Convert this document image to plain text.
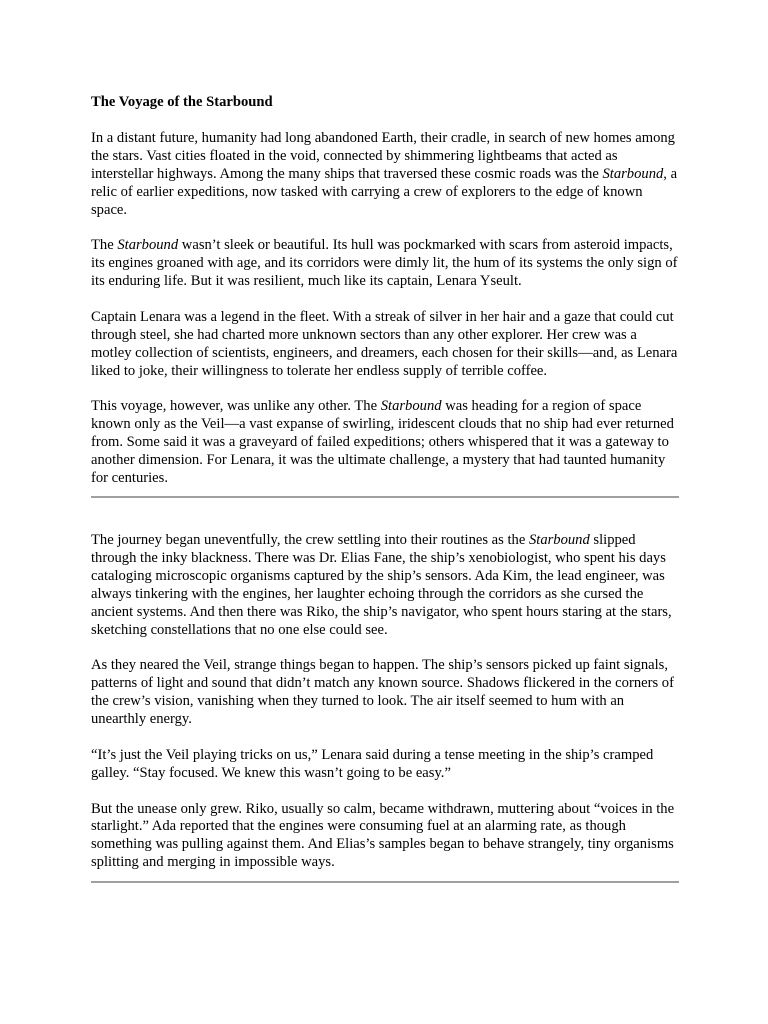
The Voyage of the Starbound

In a distant future, humanity had long abandoned Earth, their cradle, in search of new homes among the stars. Vast cities floated in the void, connected by shimmering lightbeams that acted as interstellar highways. Among the many ships that traversed these cosmic roads was the Starbound, a relic of earlier expeditions, now tasked with carrying a crew of explorers to the edge of known space.

The Starbound wasn’t sleek or beautiful. Its hull was pockmarked with scars from asteroid impacts, its engines groaned with age, and its corridors were dimly lit, the hum of its systems the only sign of its enduring life. But it was resilient, much like its captain, Lenara Yseult.

Captain Lenara was a legend in the fleet. With a streak of silver in her hair and a gaze that could cut through steel, she had charted more unknown sectors than any other explorer. Her crew was a motley collection of scientists, engineers, and dreamers, each chosen for their skills—and, as Lenara liked to joke, their willingness to tolerate her endless supply of terrible coffee.

This voyage, however, was unlike any other. The Starbound was heading for a region of space known only as the Veil—a vast expanse of swirling, iridescent clouds that no ship had ever returned from. Some said it was a graveyard of failed expeditions; others whispered that it was a gateway to another dimension. For Lenara, it was the ultimate challenge, a mystery that had taunted humanity for centuries.

The journey began uneventfully, the crew settling into their routines as the Starbound slipped through the inky blackness. There was Dr. Elias Fane, the ship’s xenobiologist, who spent his days cataloging microscopic organisms captured by the ship’s sensors. Ada Kim, the lead engineer, was always tinkering with the engines, her laughter echoing through the corridors as she cursed the ancient systems. And then there was Riko, the ship’s navigator, who spent hours staring at the stars, sketching constellations that no one else could see.

As they neared the Veil, strange things began to happen. The ship’s sensors picked up faint signals, patterns of light and sound that didn’t match any known source. Shadows flickered in the corners of the crew’s vision, vanishing when they turned to look. The air itself seemed to hum with an unearthly energy.

“It’s just the Veil playing tricks on us,” Lenara said during a tense meeting in the ship’s cramped galley. “Stay focused. We knew this wasn’t going to be easy.”

But the unease only grew. Riko, usually so calm, became withdrawn, muttering about “voices in the starlight.” Ada reported that the engines were consuming fuel at an alarming rate, as though something was pulling against them. And Elias’s samples began to behave strangely, tiny organisms splitting and merging in impossible ways.
